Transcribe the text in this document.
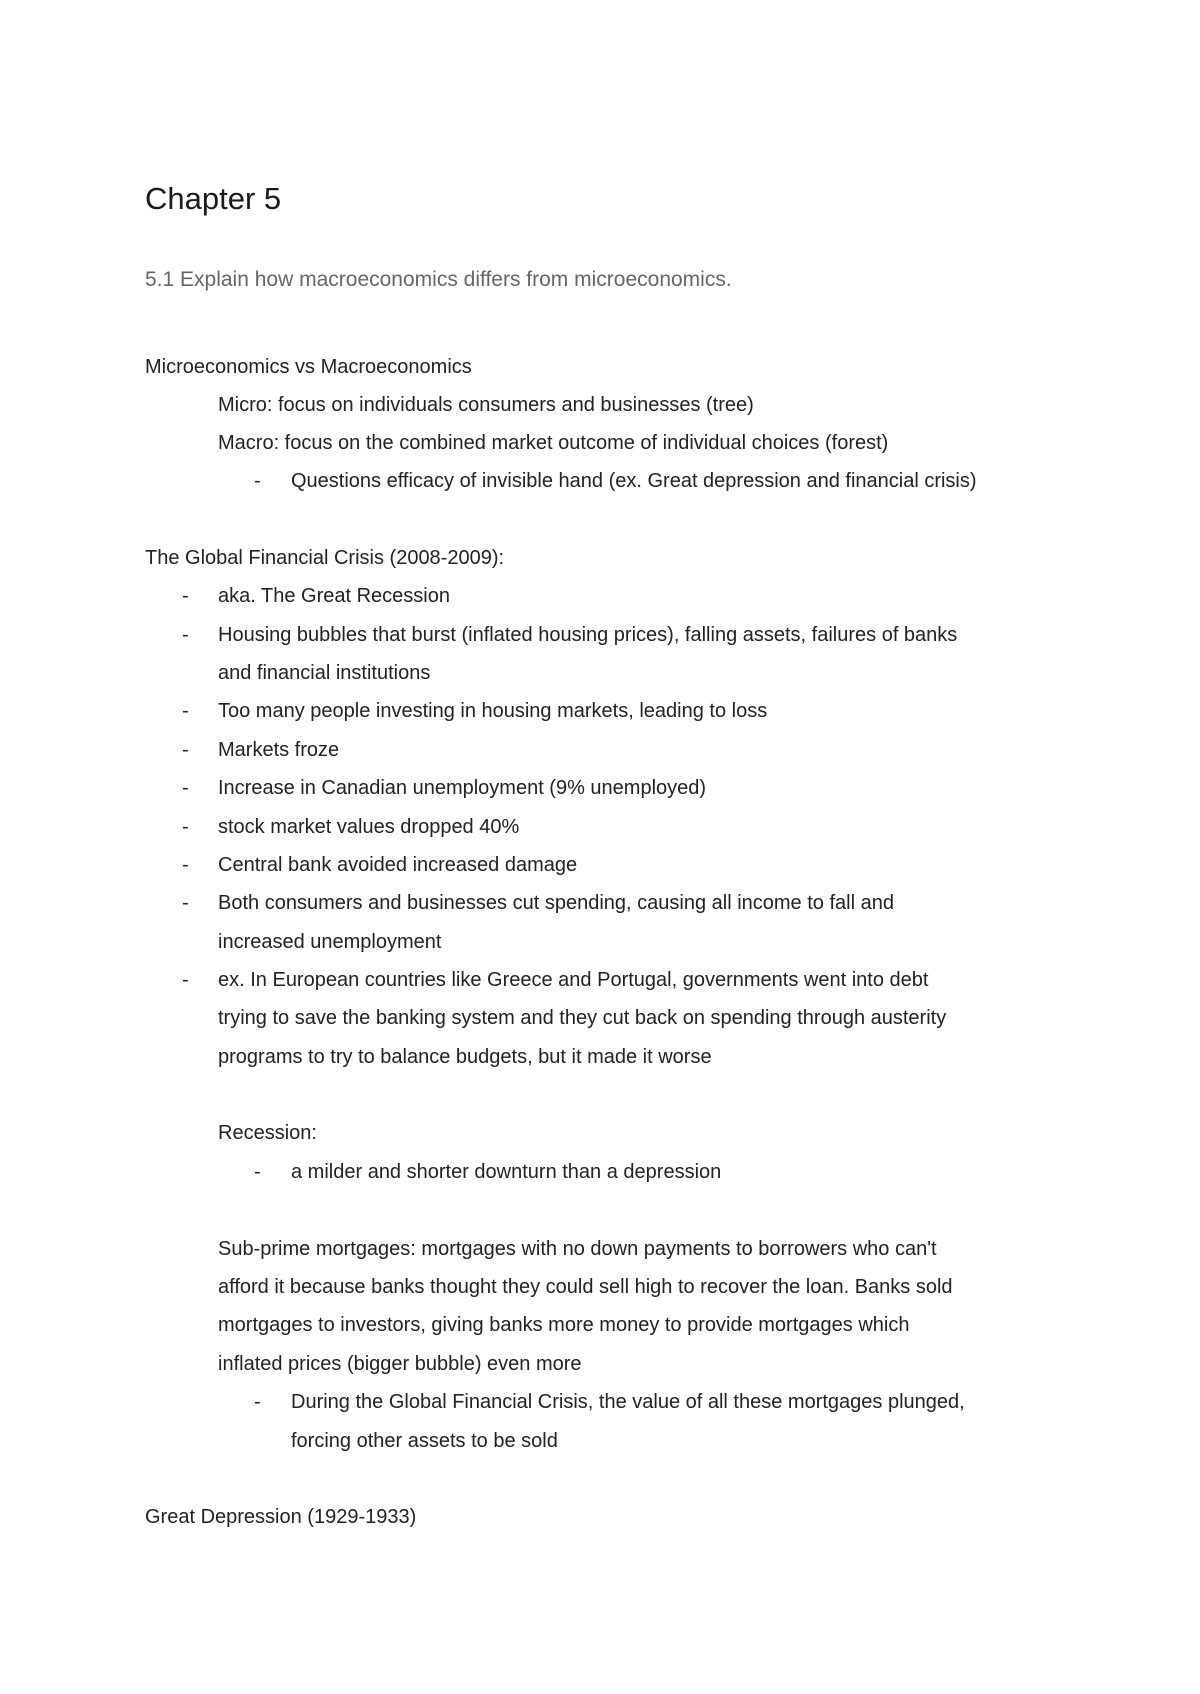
Chapter 5
5.1 Explain how macroeconomics differs from microeconomics.
Microeconomics vs Macroeconomics
Micro: focus on individuals consumers and businesses (tree)
Macro: focus on the combined market outcome of individual choices (forest)
- Questions efficacy of invisible hand (ex. Great depression and financial crisis)
The Global Financial Crisis (2008-2009):
- aka. The Great Recession
- Housing bubbles that burst (inflated housing prices), falling assets, failures of banks
and financial institutions
- Too many people investing in housing markets, leading to loss
- Markets froze
- Increase in Canadian unemployment (9% unemployed)
- stock market values dropped 40%
- Central bank avoided increased damage
- Both consumers and businesses cut spending, causing all income to fall and
increased unemployment
- ex. In European countries like Greece and Portugal, governments went into debt
trying to save the banking system and they cut back on spending through austerity
programs to try to balance budgets, but it made it worse
Recession:
- a milder and shorter downturn than a depression
Sub-prime mortgages: mortgages with no down payments to borrowers who can't
afford it because banks thought they could sell high to recover the loan. Banks sold
mortgages to investors, giving banks more money to provide mortgages which
inflated prices (bigger bubble) even more
- During the Global Financial Crisis, the value of all these mortgages plunged,
forcing other assets to be sold
Great Depression (1929-1933)
